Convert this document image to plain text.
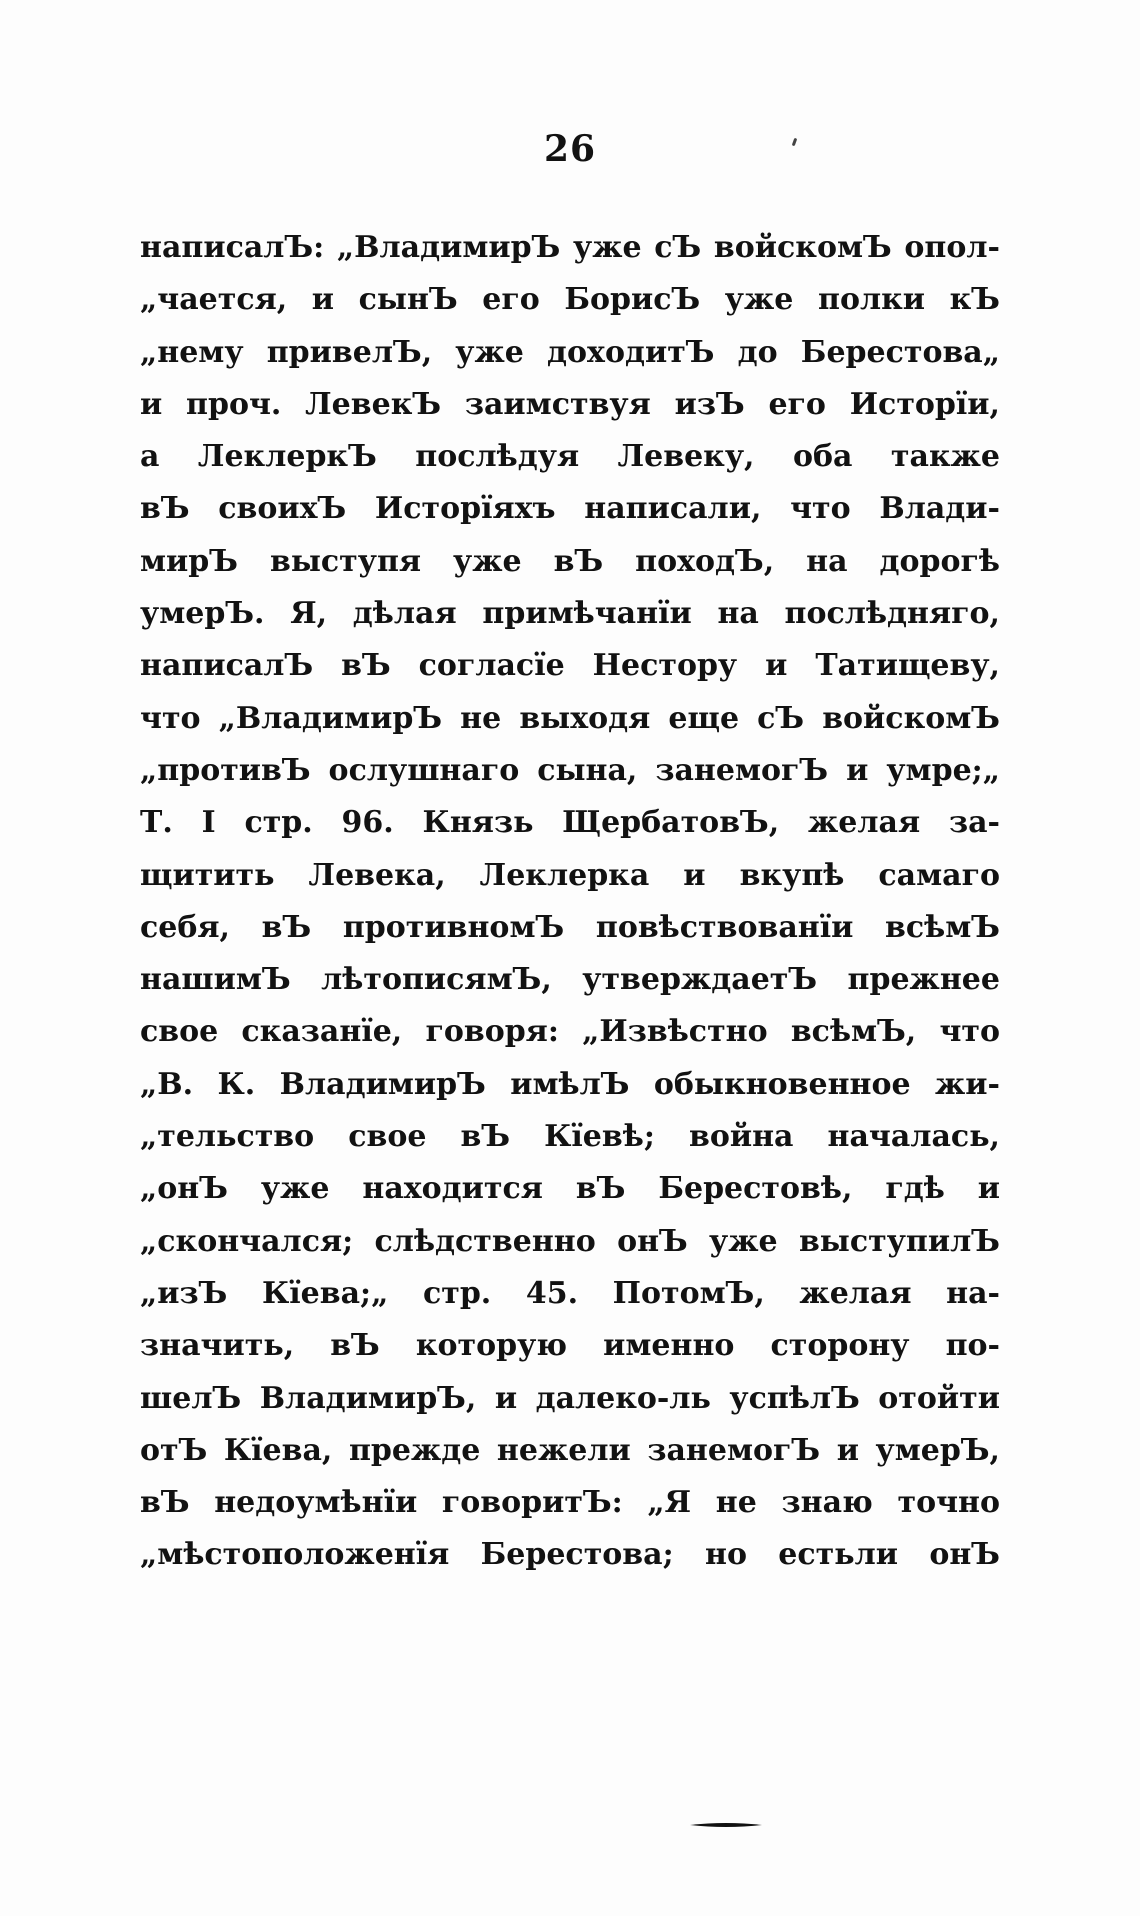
26
написалЪ: „ВладимирЪ уже сЪ войскомЪ опол-
„чается, и сынЪ его БорисЪ уже полки кЪ
„нему привелЪ, уже доходитЪ до Берестова„
и проч. ЛевекЪ заимствуя изЪ его Исторїи,
а ЛеклеркЪ послѣдуя Левеку, оба также
вЪ своихЪ Исторїяхъ написали, что Влади-
мирЪ выступя уже вЪ походЪ, на дорогѣ
умерЪ. Я, дѣлая примѣчанїи на послѣдняго,
написалЪ вЪ согласїе Нестору и Татищеву,
что „ВладимирЪ не выходя еще сЪ войскомЪ
„противЪ ослушнаго сына, занемогЪ и умре;„
Т. I стр. 96. Князь ЩербатовЪ, желая за-
щитить Левека, Леклерка и вкупѣ самаго
себя, вЪ противномЪ повѣствованїи всѣмЪ
нашимЪ лѣтописямЪ, утверждаетЪ прежнее
свое сказанїе, говоря: „Извѣстно всѣмЪ, что
„В. К. ВладимирЪ имѣлЪ обыкновенное жи-
„тельство свое вЪ Кїевѣ; война началась,
„онЪ уже находится вЪ Берестовѣ, гдѣ и
„скончался; слѣдственно онЪ уже выступилЪ
„изЪ Кїева;„ стр. 45. ПотомЪ, желая на-
значить, вЪ которую именно сторону по-
шелЪ ВладимирЪ, и далеко-ль успѣлЪ отойти
отЪ Кїева, прежде нежели занемогЪ и умерЪ,
вЪ недоумѣнїи говоритЪ: „Я не знаю точно
„мѣстоположенїя Берестова; но естьли онЪ
